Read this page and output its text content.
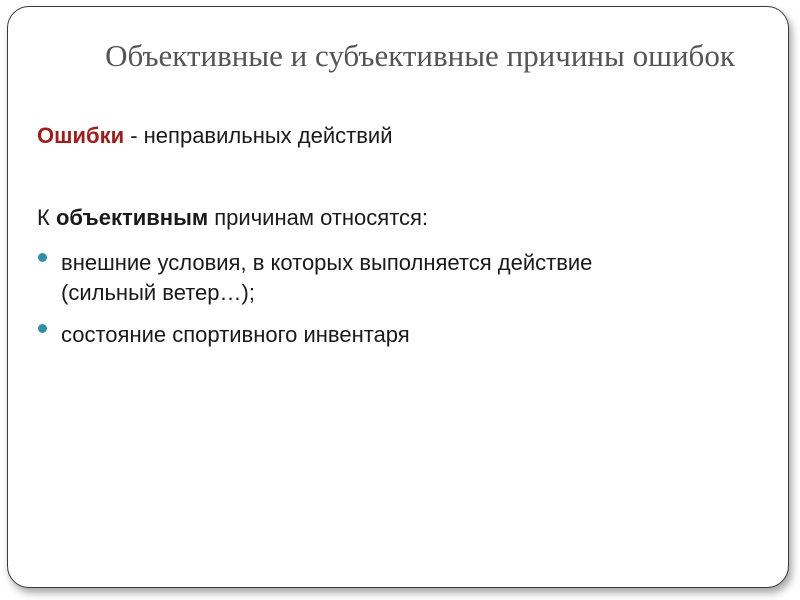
Объективные и субъективные причины ошибок
Ошибки - неправильных действий
К объективным причинам относятся:
внешние условия, в которых выполняется действие
(сильный ветер…);
состояние спортивного инвентаря
